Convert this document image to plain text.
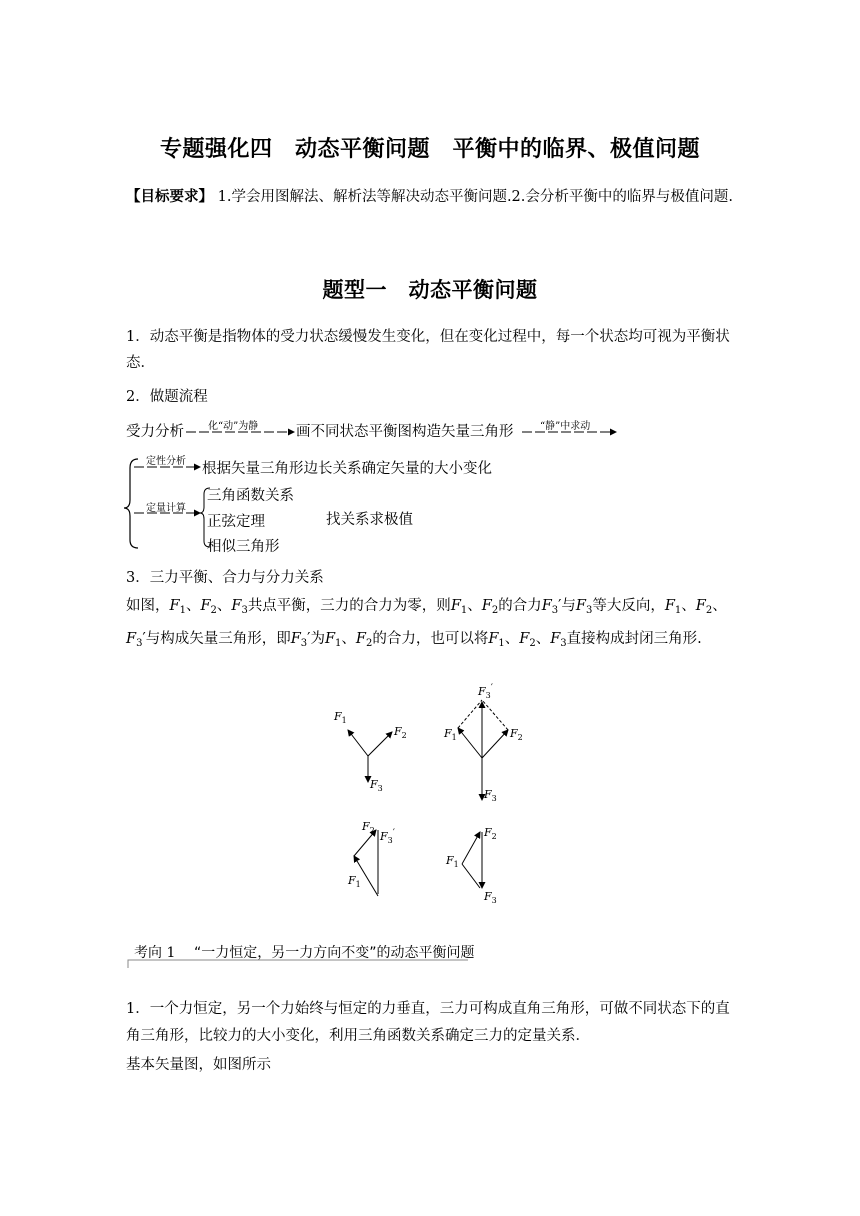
专题强化四　动态平衡问题　平衡中的临界、极值问题
【目标要求】 1.学会用图解法、解析法等解决动态平衡问题.2.会分析平衡中的临界与极值问题.
题型一　动态平衡问题
1．动态平衡是指物体的受力状态缓慢发生变化，但在变化过程中，每一个状态均可视为平衡状态．
2．做题流程
受力分析 化“动”为静	画不同状态平衡图构造矢量三角形	“静”中求动
定性分析 根据矢量三角形边长关系确定矢量的大小变化
定量计算
三角函数关系
正弦定理
相似三角形
找关系求极值
3．三力平衡、合力与分力关系
如图，$F_1$、$F_2$、$F_3$共点平衡，三力的合力为零，则$F_1$、$F_2$的合力$F_3'$与$F_3$等大反向，$F_1$、$F_2$、$F_3'$与构成矢量三角形，即$F_3'$为$F_1$、$F_2$的合力，也可以将$F_1$、$F_2$、$F_3$直接构成封闭三角形.
$F_1$
$F_2$
$F_3$
$F_3'$
$F_1$	$F_2$
$F_3$
$F_2$ $F_3'$
$F_1$
$F_2$
$F_1$
$F_3$
考向 1 “一力恒定，另一力方向不变”的动态平衡问题
1．一个力恒定，另一个力始终与恒定的力垂直，三力可构成直角三角形，可做不同状态下的直角三角形，比较力的大小变化，利用三角函数关系确定三力的定量关系．
基本矢量图，如图所示
